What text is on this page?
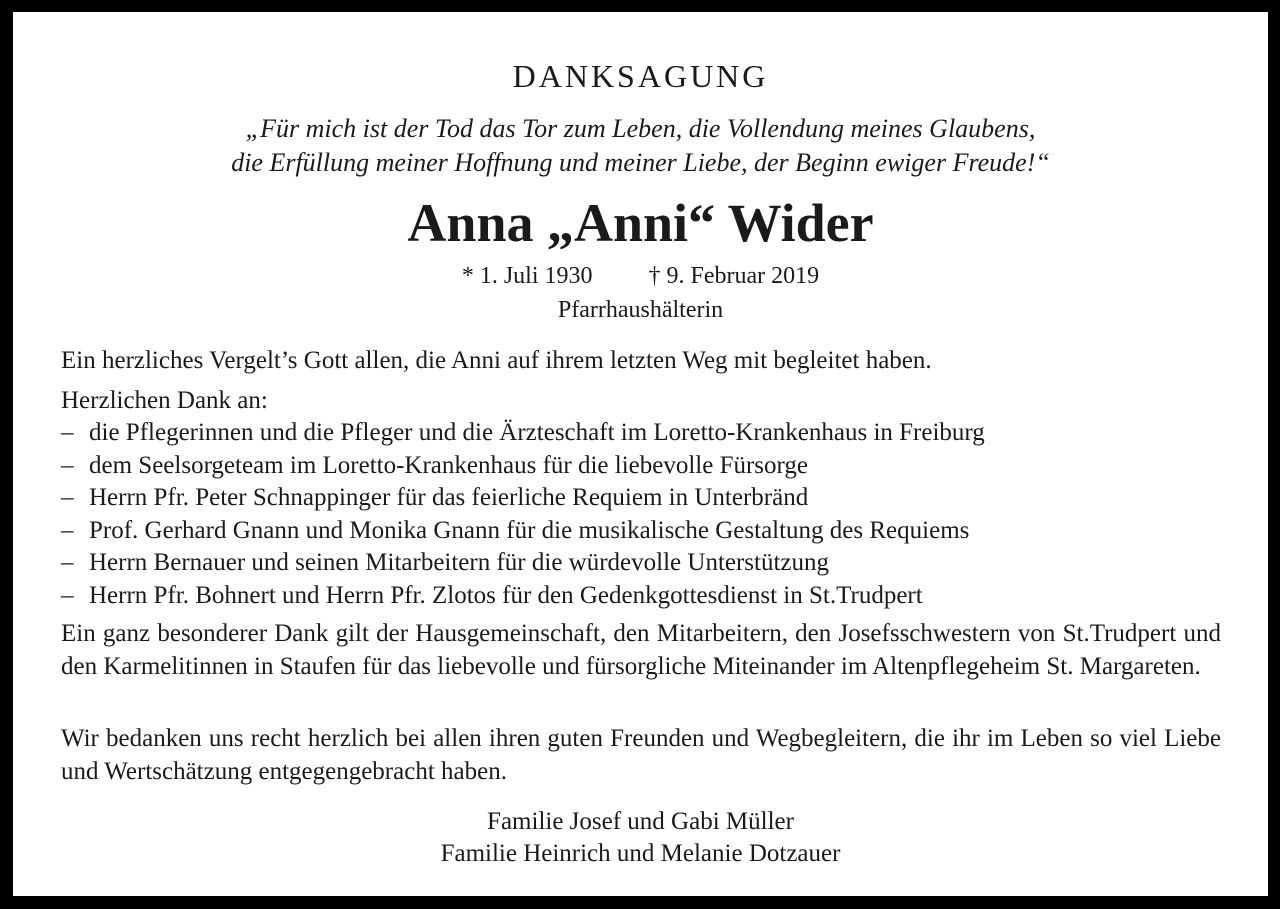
DANKSAGUNG
„Für mich ist der Tod das Tor zum Leben, die Vollendung meines Glaubens,
die Erfüllung meiner Hoffnung und meiner Liebe, der Beginn ewiger Freude!“
Anna „Anni“ Wider
* 1. Juli 1930 † 9. Februar 2019
Pfarrhaushälterin
Ein herzliches Vergelt’s Gott allen, die Anni auf ihrem letzten Weg mit begleitet haben.
Herzlichen Dank an:
– die Pflegerinnen und die Pfleger und die Ärzteschaft im Loretto-Krankenhaus in Freiburg
– dem Seelsorgeteam im Loretto-Krankenhaus für die liebevolle Fürsorge
– Herrn Pfr. Peter Schnappinger für das feierliche Requiem in Unterbränd
– Prof. Gerhard Gnann und Monika Gnann für die musikalische Gestaltung des Requiems
– Herrn Bernauer und seinen Mitarbeitern für die würdevolle Unterstützung
– Herrn Pfr. Bohnert und Herrn Pfr. Zlotos für den Gedenkgottesdienst in St.Trudpert
Ein ganz besonderer Dank gilt der Hausgemeinschaft, den Mitarbeitern, den Josefsschwestern von St.Trudpert und den Karmelitinnen in Staufen für das liebevolle und fürsorgliche Miteinander im Altenpflegeheim St. Margareten.
Wir bedanken uns recht herzlich bei allen ihren guten Freunden und Wegbegleitern, die ihr im Leben so viel Liebe und Wertschätzung entgegengebracht haben.
Familie Josef und Gabi Müller
Familie Heinrich und Melanie Dotzauer
